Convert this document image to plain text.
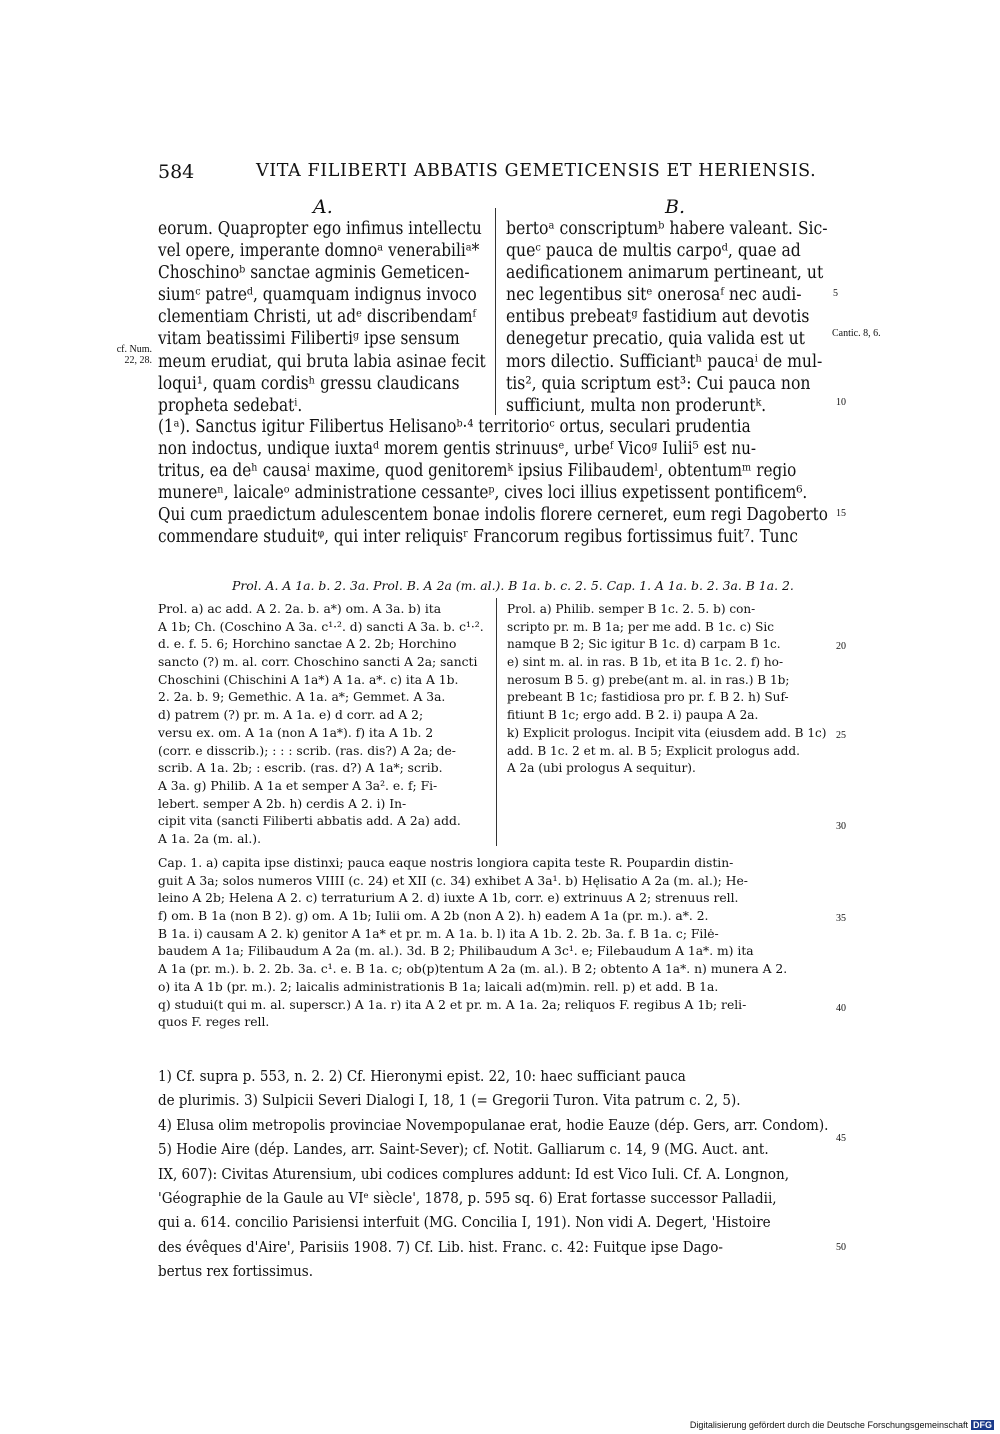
584	VITA FILIBERTI ABBATIS GEMETICENSIS ET HERIENSIS.
A.	B.
eorum. Quapropter ego infimus intellectu
vel opere, imperante domnoᵃ venerabiliᵃ*
Choschinoᵇ sanctae agminis Gemeticen-
siumᶜ patreᵈ, quamquam indignus invoco
clementiam Christi, ut adᵉ discribendamᶠ
vitam beatissimi Filibertiᵍ ipse sensum
meum erudiat, qui bruta labia asinae fecit
loqui¹, quam cordisʰ gressu claudicans
propheta sedebatⁱ.
bertoᵃ conscriptumᵇ habere valeant. Sic-
queᶜ pauca de multis carpoᵈ, quae ad
aedificationem animarum pertineant, ut
nec legentibus sitᵉ onerosaᶠ nec audi-
entibus prebeatᵍ fastidium aut devotis
denegetur precatio, quia valida est ut
mors dilectio. Sufficiantʰ paucaⁱ de mul-
tis², quia scriptum est³: Cui pauca non
sufficiunt, multa non proderuntᵏ.
cf. Num.
22, 28.
Cantic. 8, 6.
(1ᵃ). Sanctus igitur Filibertus Helisanoᵇ·⁴ territorioᶜ ortus, seculari prudentia
non indoctus, undique iuxtaᵈ morem gentis strinuusᵉ, urbeᶠ Vicoᵍ Iulii⁵ est nu-
tritus, ea deʰ causaⁱ maxime, quod genitoremᵏ ipsius Filibaudemˡ, obtentumᵐ regio
munereⁿ, laicaleᵒ administratione cessanteᵖ, cives loci illius expetissent pontificem⁶.
Qui cum praedictum adulescentem bonae indolis florere cerneret, eum regi Dagoberto
commendare studuitᵠ, qui inter reliquisʳ Francorum regibus fortissimus fuit⁷. Tunc
5
10
15
20
25
30
35
40
45
50
Prol. A. A 1a. b. 2. 3a. Prol. B. A 2a (m. al.). B 1a. b. c. 2. 5. Cap. 1. A 1a. b. 2. 3a. B 1a. 2.
Prol. a) ac add. A 2. 2a. b. a*) om. A 3a. b) ita
A 1b; Ch. (Coschino A 3a. c¹·². d) sancti A 3a. b. c¹·².
d. e. f. 5. 6; Horchino sanctae A 2. 2b; Horchino
sancto (?) m. al. corr. Choschino sancti A 2a; sancti
Choschini (Chischini A 1a*) A 1a. a*. c) ita A 1b.
2. 2a. b. 9; Gemethic. A 1a. a*; Gemmet. A 3a.
d) patrem (?) pr. m. A 1a. e) d corr. ad A 2;
versu ex. om. A 1a (non A 1a*). f) ita A 1b. 2
(corr. e disscrib.); : : : scrib. (ras. dis?) A 2a; de-
scrib. A 1a. 2b; : escrib. (ras. d?) A 1a*; scrib.
A 3a. g) Philib. A 1a et semper A 3a². e. f; Fi-
lebert. semper A 2b. h) cerdis A 2. i) In-
cipit vita (sancti Filiberti abbatis add. A 2a) add.
A 1a. 2a (m. al.).
Prol. a) Philib. semper B 1c. 2. 5. b) con-
scripto pr. m. B 1a; per me add. B 1c. c) Sic
namque B 2; Sic igitur B 1c. d) carpam B 1c.
e) sint m. al. in ras. B 1b, et ita B 1c. 2. f) ho-
nerosum B 5. g) prebe(ant m. al. in ras.) B 1b;
prebeant B 1c; fastidiosa pro pr. f. B 2. h) Suf-
fitiunt B 1c; ergo add. B 2. i) paupa A 2a.
k) Explicit prologus. Incipit vita (eiusdem add. B 1c)
add. B 1c. 2 et m. al. B 5; Explicit prologus add.
A 2a (ubi prologus A sequitur).
Cap. 1. a) capita ipse distinxi; pauca eaque nostris longiora capita teste R. Poupardin distin-
guit A 3a; solos numeros VIIII (c. 24) et XII (c. 34) exhibet A 3a¹. b) Hęlisatio A 2a (m. al.); He-
leino A 2b; Helena A 2. c) terraturium A 2. d) iuxte A 1b, corr. e) extrinuus A 2; strenuus rell.
f) om. B 1a (non B 2). g) om. A 1b; Iulii om. A 2b (non A 2). h) eadem A 1a (pr. m.). a*. 2.
B 1a. i) causam A 2. k) genitor A 1a* et pr. m. A 1a. b. l) ita A 1b. 2. 2b. 3a. f. B 1a. c; Filė-
baudem A 1a; Filibaudum A 2a (m. al.). 3d. B 2; Philibaudum A 3c¹. e; Filebaudum A 1a*. m) ita
A 1a (pr. m.). b. 2. 2b. 3a. c¹. e. B 1a. c; ob(p)tentum A 2a (m. al.). B 2; obtento A 1a*. n) munera A 2.
o) ita A 1b (pr. m.). 2; laicalis administrationis B 1a; laicali ad(m)min. rell. p) et add. B 1a.
q) studui(t qui m. al. superscr.) A 1a. r) ita A 2 et pr. m. A 1a. 2a; reliquos F. regibus A 1b; reli-
quos F. reges rell.
1) Cf. supra p. 553, n. 2. 2) Cf. Hieronymi epist. 22, 10: haec sufficiant pauca
de plurimis. 3) Sulpicii Severi Dialogi I, 18, 1 (= Gregorii Turon. Vita patrum c. 2, 5).
4) Elusa olim metropolis provinciae Novempopulanae erat, hodie Eauze (dép. Gers, arr. Condom).
5) Hodie Aire (dép. Landes, arr. Saint-Sever); cf. Notit. Galliarum c. 14, 9 (MG. Auct. ant.
IX, 607): Civitas Aturensium, ubi codices complures addunt: Id est Vico Iuli. Cf. A. Longnon,
'Géographie de la Gaule au VIᵉ siècle', 1878, p. 595 sq. 6) Erat fortasse successor Palladii,
qui a. 614. concilio Parisiensi interfuit (MG. Concilia I, 191). Non vidi A. Degert, 'Histoire
des évêques d'Aire', Parisiis 1908. 7) Cf. Lib. hist. Franc. c. 42: Fuitque ipse Dago-
bertus rex fortissimus.
Digitalisierung gefördert durch die Deutsche Forschungsgemeinschaft DFG
